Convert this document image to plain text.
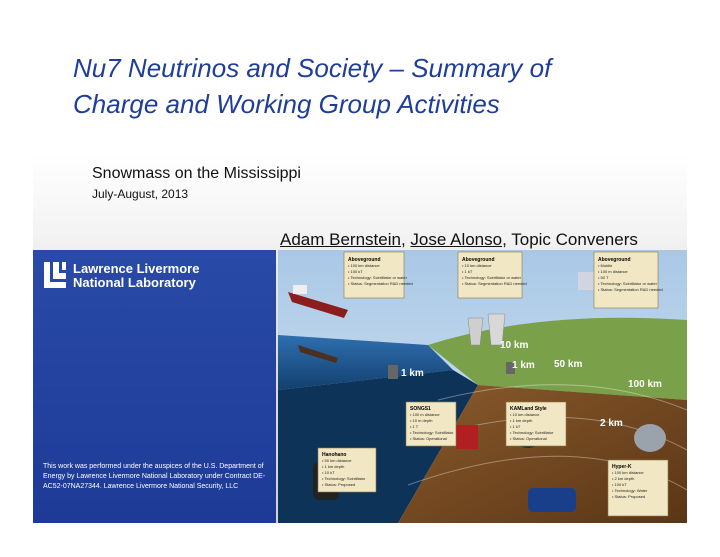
Nu7 Neutrinos and Society – Summary of Charge and Working Group Activities
Snowmass on the Mississippi
July-August, 2013
Adam Bernstein, Jose Alonso, Topic Conveners
Lawrence Livermore
National Laboratory
This work was performed under the auspices of the U.S. Department of Energy by Lawrence Livermore National Laboratory under Contract DE-AC52-07NA27344. Lawrence Livermore National Security, LLC
Aboveground
• 100 km distance
• 100 kT
• Technology: Scintillator or water
• Status: Segmentation R&D needed
Aboveground
• 10 km distance
• 1 kT
• Technology: Scintillator or water
• Status: Segmentation R&D needed
Aboveground
• Mobile
• 100 m distance
• 50 T
• Technology: Scintillator or water
• Status: Segmentation R&D needed
SONGS1
• 100 m distance
• 10 m depth
• 1 T
• Technology: Scintillator
• Status: Operational
KAMLand Style
• 10 km distance
• 1 km depth
• 1 kT
• Technology: Scintillator
• Status: Operational
Hanohano
• 50 km distance
• 1 km depth
• 10 kT
• Technology: Scintillator
• Status: Proposed
Hyper-K
• 100 km distance
• 2 km depth
• 100 kT
• Technology: Water
• Status: Proposed
10 km
50 km
100 km
1 km
1 km
2 km
